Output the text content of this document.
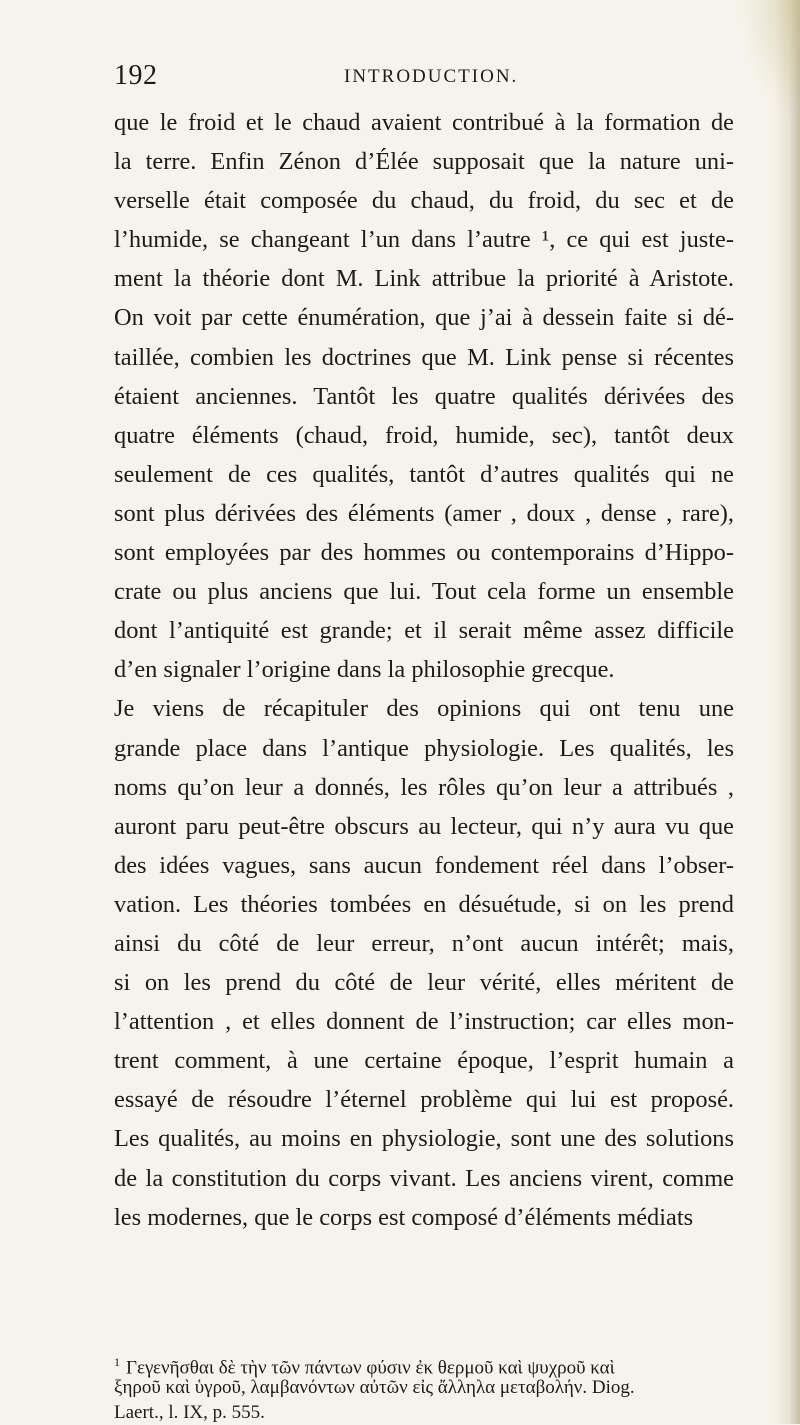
192	INTRODUCTION.
que le froid et le chaud avaient contribué à la formation de
la terre. Enfin Zénon d’Élée supposait que la nature uni-
verselle était composée du chaud, du froid, du sec et de
l’humide, se changeant l’un dans l’autre ¹, ce qui est juste-
ment la théorie dont M. Link attribue la priorité à Aristote.
On voit par cette énumération, que j’ai à dessein faite si dé-
taillée, combien les doctrines que M. Link pense si récentes
étaient anciennes. Tantôt les quatre qualités dérivées des
quatre éléments (chaud, froid, humide, sec), tantôt deux
seulement de ces qualités, tantôt d’autres qualités qui ne
sont plus dérivées des éléments (amer , doux , dense , rare),
sont employées par des hommes ou contemporains d’Hippo-
crate ou plus anciens que lui. Tout cela forme un ensemble
dont l’antiquité est grande; et il serait même assez difficile
d’en signaler l’origine dans la philosophie grecque.
Je viens de récapituler des opinions qui ont tenu une
grande place dans l’antique physiologie. Les qualités, les
noms qu’on leur a donnés, les rôles qu’on leur a attribués ,
auront paru peut-être obscurs au lecteur, qui n’y aura vu que
des idées vagues, sans aucun fondement réel dans l’obser-
vation. Les théories tombées en désuétude, si on les prend
ainsi du côté de leur erreur, n’ont aucun intérêt; mais,
si on les prend du côté de leur vérité, elles méritent de
l’attention , et elles donnent de l’instruction; car elles mon-
trent comment, à une certaine époque, l’esprit humain a
essayé de résoudre l’éternel problème qui lui est proposé.
Les qualités, au moins en physiologie, sont une des solutions
de la constitution du corps vivant. Les anciens virent, comme
les modernes, que le corps est composé d’éléments médiats
$^1$ Γεγενῆσθαι δὲ τὴν τῶν πάντων φύσιν ἐκ θερμοῦ καὶ ψυχροῦ καὶ
ξηροῦ καὶ ὑγροῦ, λαμβανόντων αὐτῶν εἰς ἄλληλα μεταβολήν. Diog.
Laert., l. IX, p. 555.
